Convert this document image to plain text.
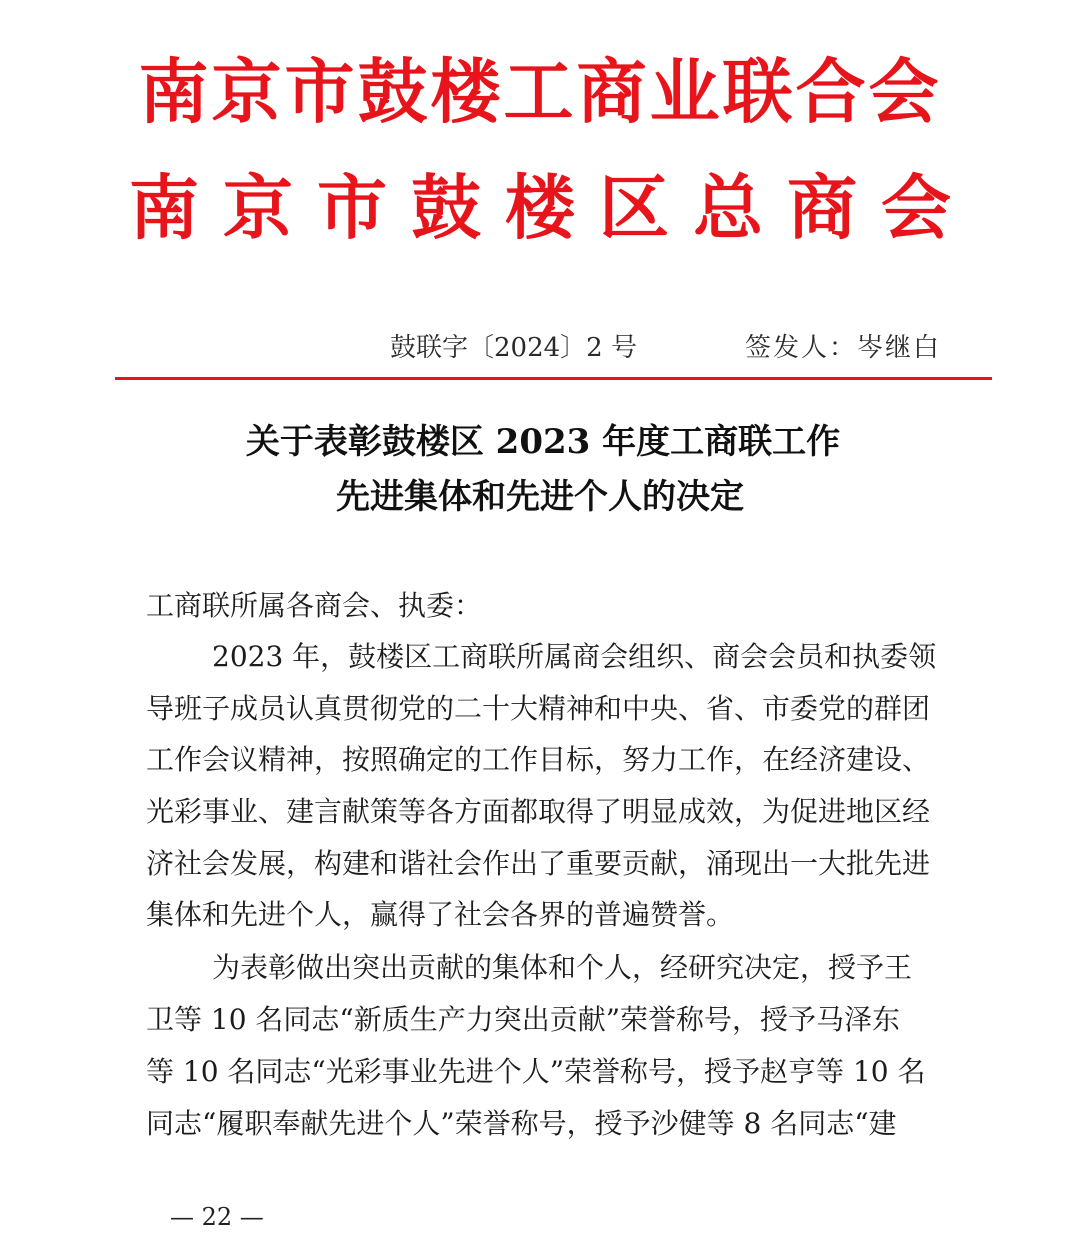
南京市鼓楼工商业联合会
南京市鼓楼区总商会
鼓联字〔2024〕2 号	签发人：岑继白
关于表彰鼓楼区 2023 年度工商联工作
先进集体和先进个人的决定
工商联所属各商会、执委：
2023 年，鼓楼区工商联所属商会组织、商会会员和执委领
导班子成员认真贯彻党的二十大精神和中央、省、市委党的群团
工作会议精神，按照确定的工作目标，努力工作，在经济建设、
光彩事业、建言献策等各方面都取得了明显成效，为促进地区经
济社会发展，构建和谐社会作出了重要贡献，涌现出一大批先进
集体和先进个人，赢得了社会各界的普遍赞誉。
为表彰做出突出贡献的集体和个人，经研究决定，授予王
卫等 10 名同志“新质生产力突出贡献”荣誉称号，授予马泽东
等 10 名同志“光彩事业先进个人”荣誉称号，授予赵亨等 10 名
同志“履职奉献先进个人”荣誉称号，授予沙健等 8 名同志“建
— 22 —
